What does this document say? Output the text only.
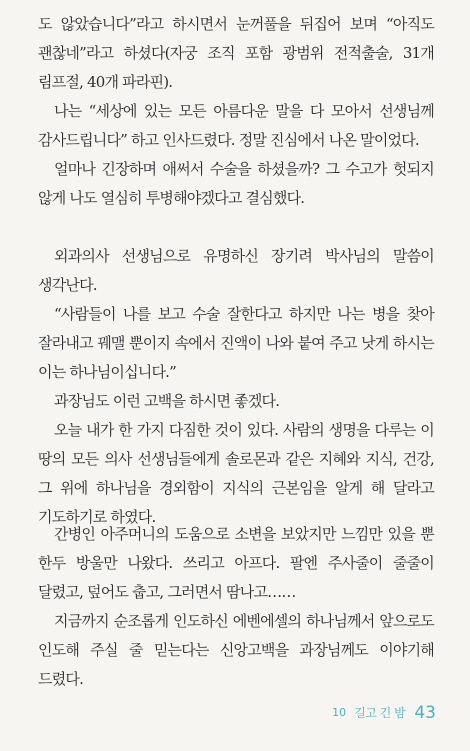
도 않았습니다”라고 하시면서 눈꺼풀을 뒤집어 보며 “아직도 괜찮네”라고 하셨다(자궁 조직 포함 광범위 전적출술, 31개 림프절, 40개 파라핀).

나는 “세상에 있는 모든 아름다운 말을 다 모아서 선생님께 감사드립니다” 하고 인사드렸다. 정말 진심에서 나온 말이었다.

얼마나 긴장하며 애써서 수술을 하셨을까? 그 수고가 헛되지 않게 나도 열심히 투병해야겠다고 결심했다.

외과의사 선생님으로 유명하신 장기려 박사님의 말씀이 생각난다.

“사람들이 나를 보고 수술 잘한다고 하지만 나는 병을 찾아 잘라내고 꿰맬 뿐이지 속에서 진액이 나와 붙여 주고 낫게 하시는 이는 하나님이십니다.”

과장님도 이런 고백을 하시면 좋겠다.

오늘 내가 한 가지 다짐한 것이 있다. 사람의 생명을 다루는 이 땅의 모든 의사 선생님들에게 솔로몬과 같은 지혜와 지식, 건강, 그 위에 하나님을 경외함이 지식의 근본임을 알게 해 달라고 기도하기로 하였다.

간병인 아주머니의 도움으로 소변을 보았지만 느낌만 있을 뿐 한두 방울만 나왔다. 쓰리고 아프다. 팔엔 주사줄이 줄줄이 달렸고, 덮어도 춥고, 그러면서 땀나고……

지금까지 순조롭게 인도하신 에벤에셀의 하나님께서 앞으로도 인도해 주실 줄 믿는다는 신앙고백을 과장님께도 이야기해 드렸다.

10 길고 긴 밤 43
